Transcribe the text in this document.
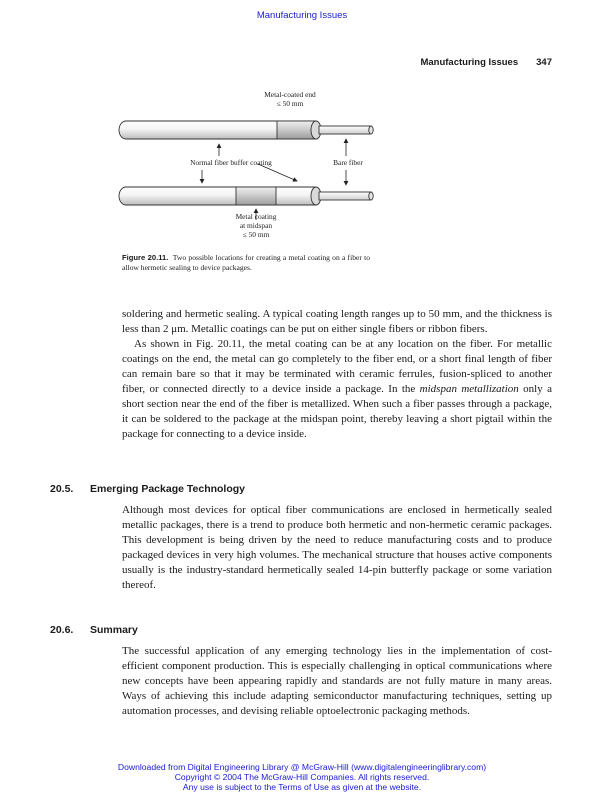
Manufacturing Issues
Manufacturing Issues 347
Metal-coated end
≤ 50 mm
Normal fiber buffer coating	Bare fiber
Metal coating
at midspan
≤ 50 mm
Figure 20.11. Two possible locations for creating a metal coating on a fiber to allow hermetic sealing to device packages.

soldering and hermetic sealing. A typical coating length ranges up to 50 mm, and the thickness is less than 2 μm. Metallic coatings can be put on either single fibers or ribbon fibers.

As shown in Fig. 20.11, the metal coating can be at any location on the fiber. For metallic coatings on the end, the metal can go completely to the fiber end, or a short final length of fiber can remain bare so that it may be terminated with ceramic ferrules, fusion-spliced to another fiber, or connected directly to a device inside a package. In the midspan metallization only a short section near the end of the fiber is metallized. When such a fiber passes through a package, it can be soldered to the package at the midspan point, thereby leaving a short pigtail within the package for connecting to a device inside.

20.5. Emerging Package Technology

Although most devices for optical fiber communications are enclosed in hermetically sealed metallic packages, there is a trend to produce both hermetic and non-hermetic ceramic packages. This development is being driven by the need to reduce manufacturing costs and to produce packaged devices in very high volumes. The mechanical structure that houses active components usually is the industry-standard hermetically sealed 14-pin butterfly package or some variation thereof.

20.6. Summary

The successful application of any emerging technology lies in the implementation of cost-efficient component production. This is especially challenging in optical communications where new concepts have been appearing rapidly and standards are not fully mature in many areas. Ways of achieving this include adapting semiconductor manufacturing techniques, setting up automation processes, and devising reliable optoelectronic packaging methods.

Downloaded from Digital Engineering Library @ McGraw-Hill (www.digitalengineeringlibrary.com)
Copyright © 2004 The McGraw-Hill Companies. All rights reserved.
Any use is subject to the Terms of Use as given at the website.
